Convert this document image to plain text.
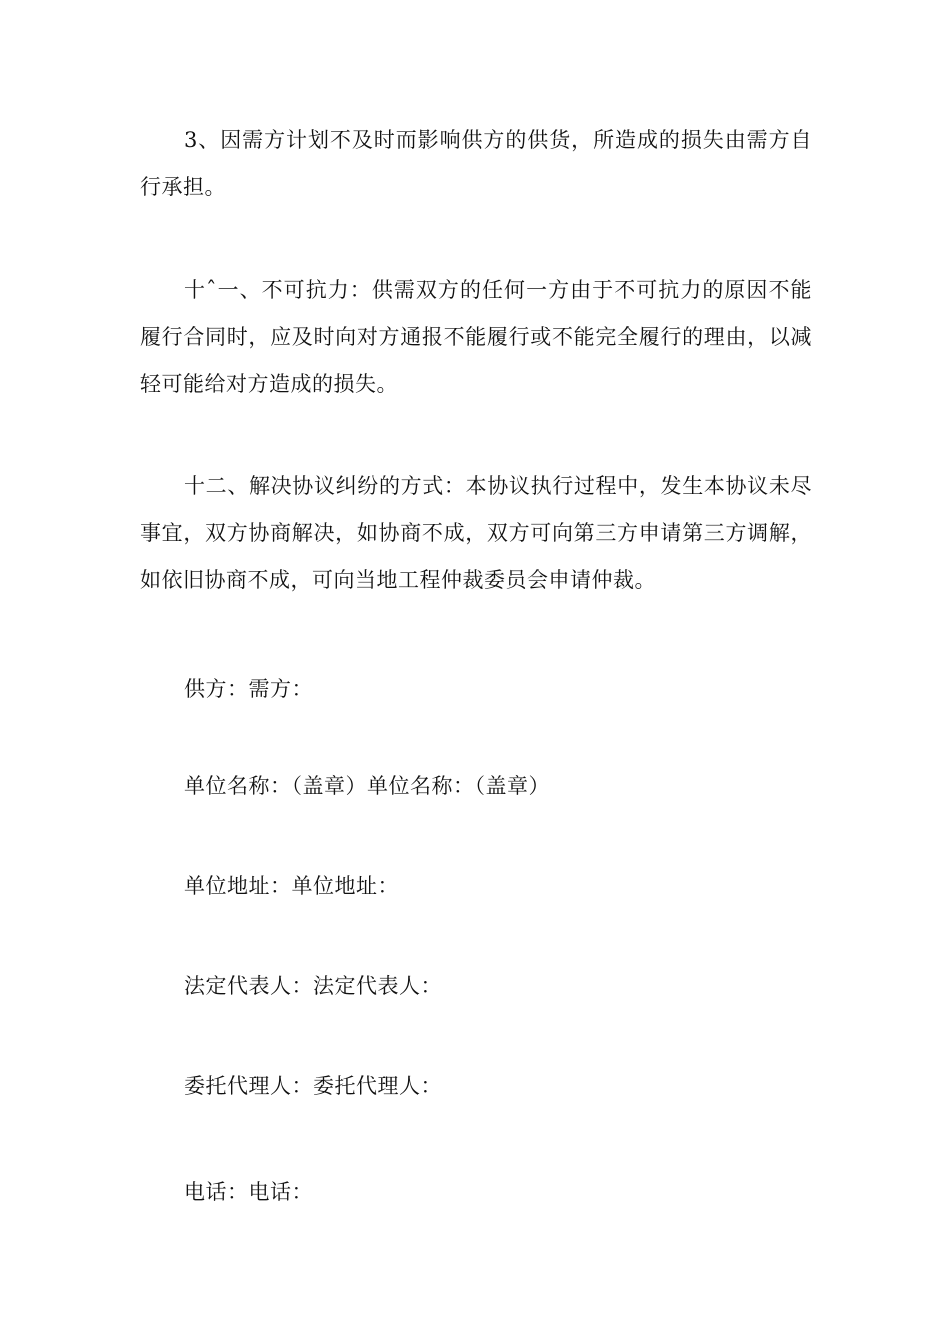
3、因需方计划不及时而影响供方的供货，所造成的损失由需方自行承担。

十ˆ一、不可抗力：供需双方的任何一方由于不可抗力的原因不能履行合同时，应及时向对方通报不能履行或不能完全履行的理由，以减轻可能给对方造成的损失。

十二、解决协议纠纷的方式：本协议执行过程中，发生本协议未尽事宜，双方协商解决，如协商不成，双方可向第三方申请第三方调解，如依旧协商不成，可向当地工程仲裁委员会申请仲裁。

供方：需方：

单位名称：（盖章）单位名称：（盖章）

单位地址：单位地址：

法定代表人：法定代表人：

委托代理人：委托代理人：

电话：电话：
